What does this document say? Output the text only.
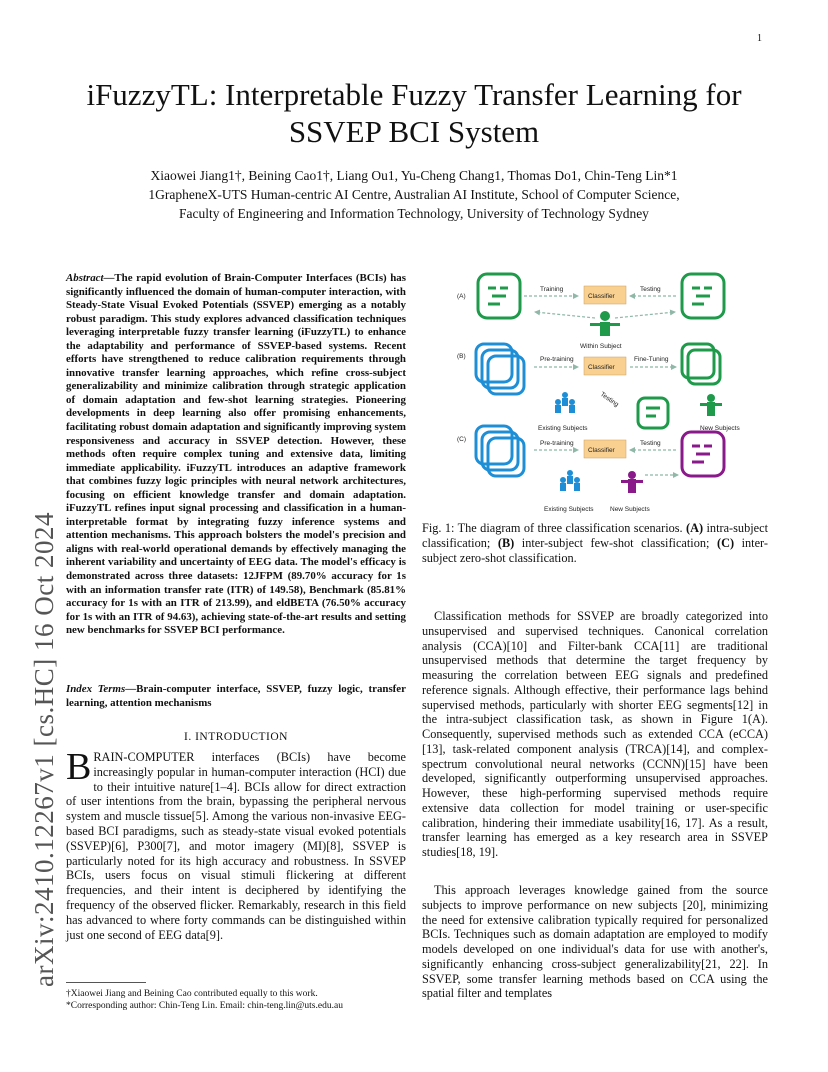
1
arXiv:2410.12267v1 [cs.HC] 16 Oct 2024
iFuzzyTL: Interpretable Fuzzy Transfer Learning for SSVEP BCI System
Xiaowei Jiang1†, Beining Cao1†, Liang Ou1, Yu-Cheng Chang1, Thomas Do1, Chin-Teng Lin*1
1GrapheneX-UTS Human-centric AI Centre, Australian AI Institute, School of Computer Science,
Faculty of Engineering and Information Technology, University of Technology Sydney
Abstract—The rapid evolution of Brain-Computer Interfaces (BCIs) has significantly influenced the domain of human-computer interaction, with Steady-State Visual Evoked Potentials (SSVEP) emerging as a notably robust paradigm. This study explores advanced classification techniques leveraging interpretable fuzzy transfer learning (iFuzzyTL) to enhance the adaptability and performance of SSVEP-based systems. Recent efforts have strengthened to reduce calibration requirements through innovative transfer learning approaches, which refine cross-subject generalizability and minimize calibration through strategic application of domain adaptation and few-shot learning strategies. Pioneering developments in deep learning also offer promising enhancements, facilitating robust domain adaptation and significantly improving system responsiveness and accuracy in SSVEP detection. However, these methods often require complex tuning and extensive data, limiting immediate applicability. iFuzzyTL introduces an adaptive framework that combines fuzzy logic principles with neural network architectures, focusing on efficient knowledge transfer and domain adaptation. iFuzzyTL refines input signal processing and classification in a human-interpretable format by integrating fuzzy inference systems and attention mechanisms. This approach bolsters the model's precision and aligns with real-world operational demands by effectively managing the inherent variability and uncertainty of EEG data. The model's efficacy is demonstrated across three datasets: 12JFPM (89.70% accuracy for 1s with an information transfer rate (ITR) of 149.58), Benchmark (85.81% accuracy for 1s with an ITR of 213.99), and eldBETA (76.50% accuracy for 1s with an ITR of 94.63), achieving state-of-the-art results and setting new benchmarks for SSVEP BCI performance.
Index Terms—Brain-computer interface, SSVEP, fuzzy logic, transfer learning, attention mechanisms
I. INTRODUCTION
BRAIN-COMPUTER interfaces (BCIs) have become increasingly popular in human-computer interaction (HCI) due to their intuitive nature[1–4]. BCIs allow for direct extraction of user intentions from the brain, bypassing the peripheral nervous system and muscle tissue[5]. Among the various non-invasive EEG-based BCI paradigms, such as steady-state visual evoked potentials (SSVEP)[6], P300[7], and motor imagery (MI)[8], SSVEP is particularly noted for its high accuracy and robustness. In SSVEP BCIs, users focus on visual stimuli flickering at different frequencies, and their intent is deciphered by identifying the frequency of the observed flicker. Remarkably, research in this field has advanced to where forty commands can be distinguished within just one second of EEG data[9].
†Xiaowei Jiang and Beining Cao contributed equally to this work.
*Corresponding author: Chin-Teng Lin. Email: chin-teng.lin@uts.edu.au
(A)
Training
Classifier
Testing
Within Subject
(B)	Pre-training
Classifier
Fine-Tuning
Existing Subjects
Testing
New Subjects
(C)
Pre-training
Classifier
Testing
Existing Subjects	New Subjects
Fig. 1: The diagram of three classification scenarios. (A) intra-subject classification; (B) inter-subject few-shot classification; (C) inter-subject zero-shot classification.
Classification methods for SSVEP are broadly categorized into unsupervised and supervised techniques. Canonical correlation analysis (CCA)[10] and Filter-bank CCA[11] are traditional unsupervised methods that determine the target frequency by measuring the correlation between EEG signals and predefined reference signals. Although effective, their performance lags behind supervised methods, particularly with shorter EEG segments[12] in the intra-subject classification task, as shown in Figure 1(A). Consequently, supervised methods such as extended CCA (eCCA)[13], task-related component analysis (TRCA)[14], and complex-spectrum convolutional neural networks (CCNN)[15] have been developed, significantly outperforming unsupervised approaches. However, these high-performing supervised methods require extensive data collection for model training or user-specific calibration, hindering their immediate usability[16, 17]. As a result, transfer learning has emerged as a key research area in SSVEP studies[18, 19].
This approach leverages knowledge gained from the source subjects to improve performance on new subjects [20], minimizing the need for extensive calibration typically required for personalized BCIs. Techniques such as domain adaptation are employed to modify models developed on one individual's data for use with another's, significantly enhancing cross-subject generalizability[21, 22]. In SSVEP, some transfer learning methods based on CCA using the spatial filter and templates
